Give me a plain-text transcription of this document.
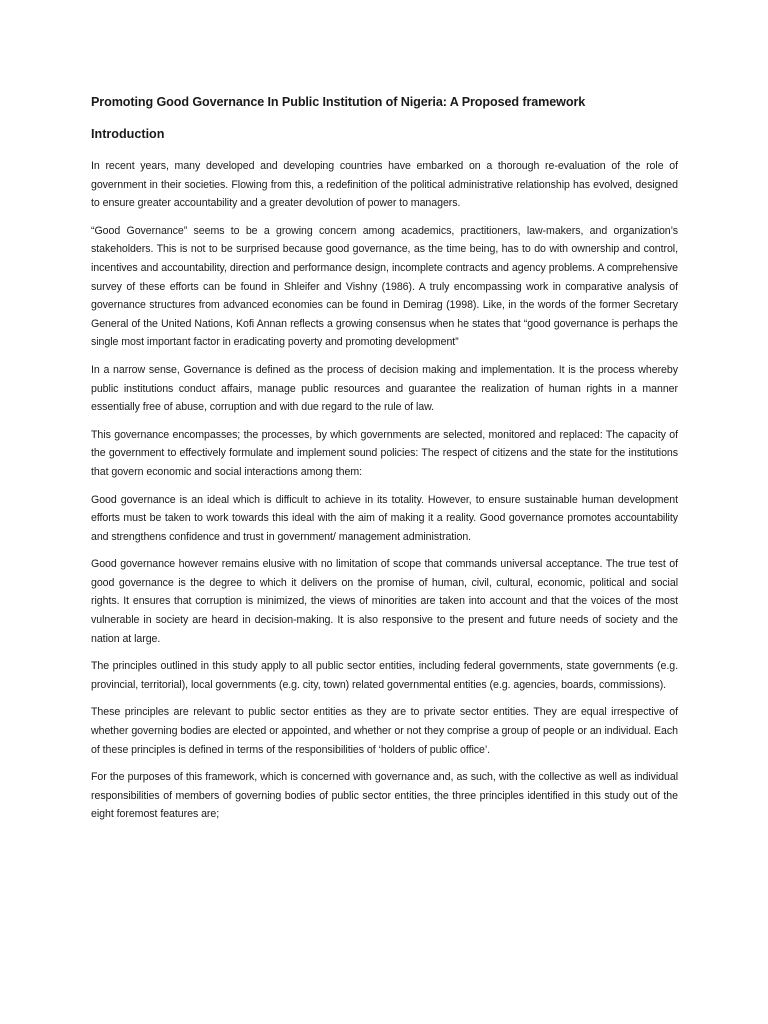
Promoting Good Governance In Public Institution of Nigeria: A Proposed framework
Introduction

In recent years, many developed and developing countries have embarked on a thorough re-evaluation of the role of government in their societies. Flowing from this, a redefinition of the political administrative relationship has evolved, designed to ensure greater accountability and a greater devolution of power to managers.

“Good Governance” seems to be a growing concern among academics, practitioners, law-makers, and organization’s stakeholders. This is not to be surprised because good governance, as the time being, has to do with ownership and control, incentives and accountability, direction and performance design, incomplete contracts and agency problems. A comprehensive survey of these efforts can be found in Shleifer and Vishny (1986). A truly encompassing work in comparative analysis of governance structures from advanced economies can be found in Demirag (1998). Like, in the words of the former Secretary General of the United Nations, Kofi Annan reflects a growing consensus when he states that “good governance is perhaps the single most important factor in eradicating poverty and promoting development”

In a narrow sense, Governance is defined as the process of decision making and implementation. It is the process whereby public institutions conduct affairs, manage public resources and guarantee the realization of human rights in a manner essentially free of abuse, corruption and with due regard to the rule of law.

This governance encompasses; the processes, by which governments are selected, monitored and replaced: The capacity of the government to effectively formulate and implement sound policies: The respect of citizens and the state for the institutions that govern economic and social interactions among them:

Good governance is an ideal which is difficult to achieve in its totality. However, to ensure sustainable human development efforts must be taken to work towards this ideal with the aim of making it a reality. Good governance promotes accountability and strengthens confidence and trust in government/ management administration.

Good governance however remains elusive with no limitation of scope that commands universal acceptance. The true test of good governance is the degree to which it delivers on the promise of human, civil, cultural, economic, political and social rights. It ensures that corruption is minimized, the views of minorities are taken into account and that the voices of the most vulnerable in society are heard in decision-making. It is also responsive to the present and future needs of society and the nation at large.

The principles outlined in this study apply to all public sector entities, including federal governments, state governments (e.g. provincial, territorial), local governments (e.g. city, town) related governmental entities (e.g. agencies, boards, commissions).

These principles are relevant to public sector entities as they are to private sector entities. They are equal irrespective of whether governing bodies are elected or appointed, and whether or not they comprise a group of people or an individual. Each of these principles is defined in terms of the responsibilities of ‘holders of public office’.

For the purposes of this framework, which is concerned with governance and, as such, with the collective as well as individual responsibilities of members of governing bodies of public sector entities, the three principles identified in this study out of the eight foremost features are;
